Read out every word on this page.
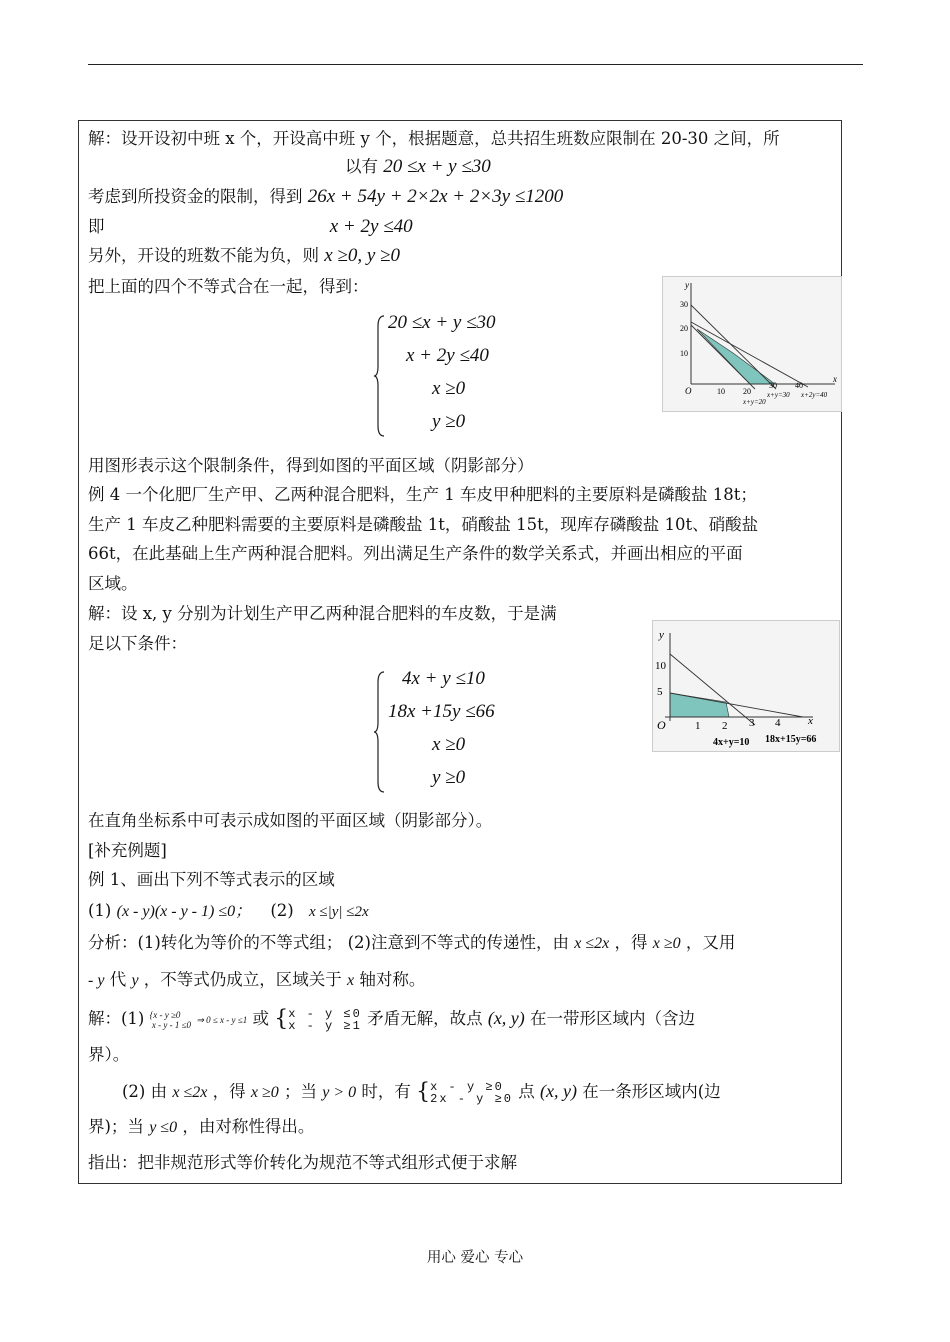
解：设开设初中班 x 个，开设高中班 y 个，根据题意，总共招生班数应限制在 20-30 之间，所
以有 20 ≤x + y ≤30
考虑到所投资金的限制，得到 26x + 54y + 2×2x + 2×3y ≤1200
即	x + 2y ≤40
另外，开设的班数不能为负，则 x ≥0, y ≥0
把上面的四个不等式合在一起，得到：
20 ≤x + y ≤30
x + 2y ≤40
x ≥0
y ≥0
y
x
O
30
20
10
10 20
30 40
x+y=20
x+y=30 x+2y=40
用图形表示这个限制条件，得到如图的平面区域（阴影部分）
例 4 一个化肥厂生产甲、乙两种混合肥料，生产 1 车皮甲种肥料的主要原料是磷酸盐 18t；
生产 1 车皮乙种肥料需要的主要原料是磷酸盐 1t，硝酸盐 15t，现库存磷酸盐 10t、硝酸盐
66t，在此基础上生产两种混合肥料。列出满足生产条件的数学关系式，并画出相应的平面
区域。
解：设 x, y 分别为计划生产甲乙两种混合肥料的车皮数，于是满
足以下条件：
4x + y ≤10
18x +15y ≤66
x ≥0
y ≥0
y
x
O
10
5
1 2 3 4
4x+y=10 18x+15y=66
在直角坐标系中可表示成如图的平面区域（阴影部分）。
[补充例题]
例 1、画出下列不等式表示的区域
(1) (x - y)(x - y - 1) ≤0； (2) x ≤|y| ≤2x
分析：(1)转化为等价的不等式组； (2)注意到不等式的传递性，由 x ≤2x ，得 x ≥0 ，又用
- y 代 y ，不等式仍成立，区域关于 x 轴对称。
解：(1) {x - y ≥0
x - y - 1 ≤0 ⇒ 0 ≤ x - y ≤1 或 {x - y ≤0
x - y ≥1 矛盾无解，故点 (x, y) 在一带形区域内（含边
界）。
(2) 由 x ≤2x ，得 x ≥0 ；当 y > 0 时，有 {x - y ≥0
2x - y ≥0 点 (x, y) 在一条形区域内(边
界)；当 y ≤0 ，由对称性得出。
指出：把非规范形式等价转化为规范不等式组形式便于求解
用心 爱心 专心
